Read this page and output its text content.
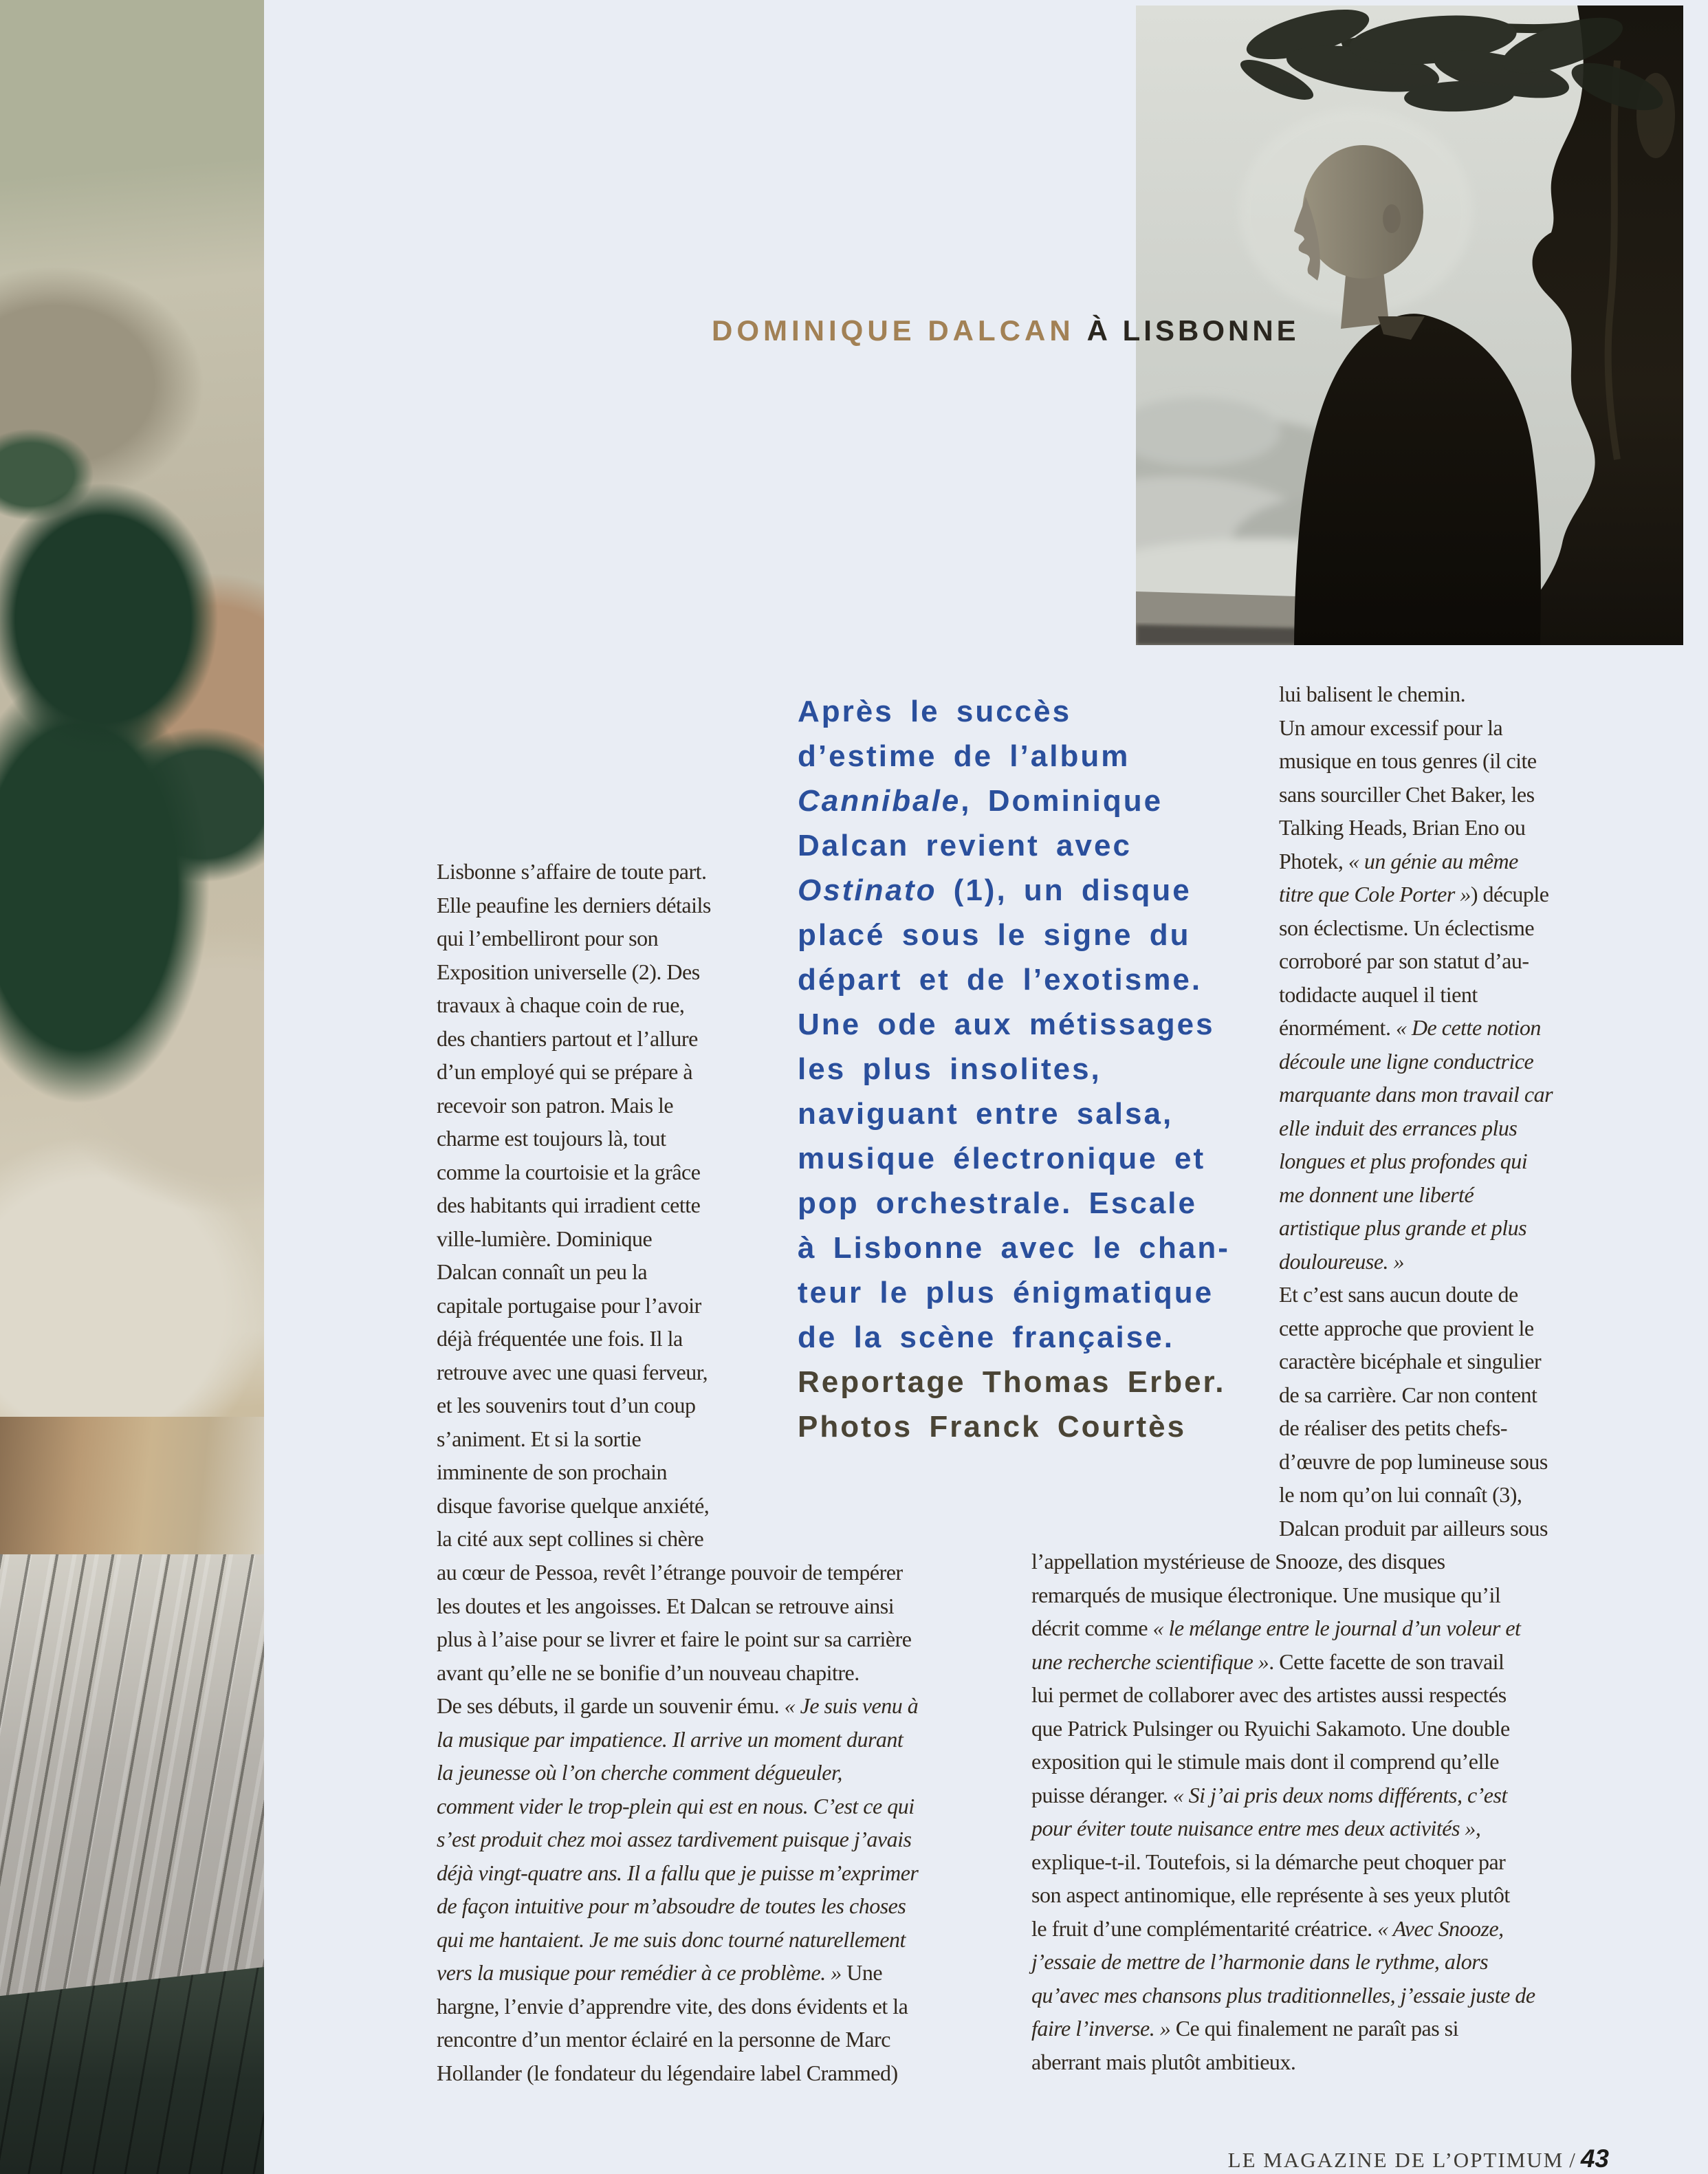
DOMINIQUE DALCAN À LISBONNE
Après le succès
d’estime de l’album
Cannibale, Dominique
Dalcan revient avec
Ostinato (1), un disque
placé sous le signe du
départ et de l’exotisme.
Une ode aux métissages
les plus insolites,
naviguant entre salsa,
musique électronique et
pop orchestrale. Escale
à Lisbonne avec le chan-
teur le plus énigmatique
de la scène française.
Reportage Thomas Erber.
Photos Franck Courtès
Lisbonne s’affaire de toute part.
Elle peaufine les derniers détails
qui l’embelliront pour son
Exposition universelle (2). Des
travaux à chaque coin de rue,
des chantiers partout et l’allure
d’un employé qui se prépare à
recevoir son patron. Mais le
charme est toujours là, tout
comme la courtoisie et la grâce
des habitants qui irradient cette
ville-lumière. Dominique
Dalcan connaît un peu la
capitale portugaise pour l’avoir
déjà fréquentée une fois. Il la
retrouve avec une quasi ferveur,
et les souvenirs tout d’un coup
s’animent. Et si la sortie
imminente de son prochain
disque favorise quelque anxiété,
la cité aux sept collines si chère
au cœur de Pessoa, revêt l’étrange pouvoir de tempérer
les doutes et les angoisses. Et Dalcan se retrouve ainsi
plus à l’aise pour se livrer et faire le point sur sa carrière
avant qu’elle ne se bonifie d’un nouveau chapitre.
De ses débuts, il garde un souvenir ému. « Je suis venu à
la musique par impatience. Il arrive un moment durant
la jeunesse où l’on cherche comment dégueuler,
comment vider le trop-plein qui est en nous. C’est ce qui
s’est produit chez moi assez tardivement puisque j’avais
déjà vingt-quatre ans. Il a fallu que je puisse m’exprimer
de façon intuitive pour m’absoudre de toutes les choses
qui me hantaient. Je me suis donc tourné naturellement
vers la musique pour remédier à ce problème. » Une
hargne, l’envie d’apprendre vite, des dons évidents et la
rencontre d’un mentor éclairé en la personne de Marc
Hollander (le fondateur du légendaire label Crammed)
lui balisent le chemin.
Un amour excessif pour la
musique en tous genres (il cite
sans sourciller Chet Baker, les
Talking Heads, Brian Eno ou
Photek, « un génie au même
titre que Cole Porter ») décuple
son éclectisme. Un éclectisme
corroboré par son statut d’au-
todidacte auquel il tient
énormément. « De cette notion
découle une ligne conductrice
marquante dans mon travail car
elle induit des errances plus
longues et plus profondes qui
me donnent une liberté
artistique plus grande et plus
douloureuse. »
Et c’est sans aucun doute de
cette approche que provient le
caractère bicéphale et singulier
de sa carrière. Car non content
de réaliser des petits chefs-
d’œuvre de pop lumineuse sous
le nom qu’on lui connaît (3),
Dalcan produit par ailleurs sous
l’appellation mystérieuse de Snooze, des disques
remarqués de musique électronique. Une musique qu’il
décrit comme « le mélange entre le journal d’un voleur et
une recherche scientifique ». Cette facette de son travail
lui permet de collaborer avec des artistes aussi respectés
que Patrick Pulsinger ou Ryuichi Sakamoto. Une double
exposition qui le stimule mais dont il comprend qu’elle
puisse déranger. « Si j’ai pris deux noms différents, c’est
pour éviter toute nuisance entre mes deux activités »,
explique-t-il. Toutefois, si la démarche peut choquer par
son aspect antinomique, elle représente à ses yeux plutôt
le fruit d’une complémentarité créatrice. « Avec Snooze,
j’essaie de mettre de l’harmonie dans le rythme, alors
qu’avec mes chansons plus traditionnelles, j’essaie juste de
faire l’inverse. » Ce qui finalement ne paraît pas si
aberrant mais plutôt ambitieux.
LE MAGAZINE DE L’OPTIMUM / 43
